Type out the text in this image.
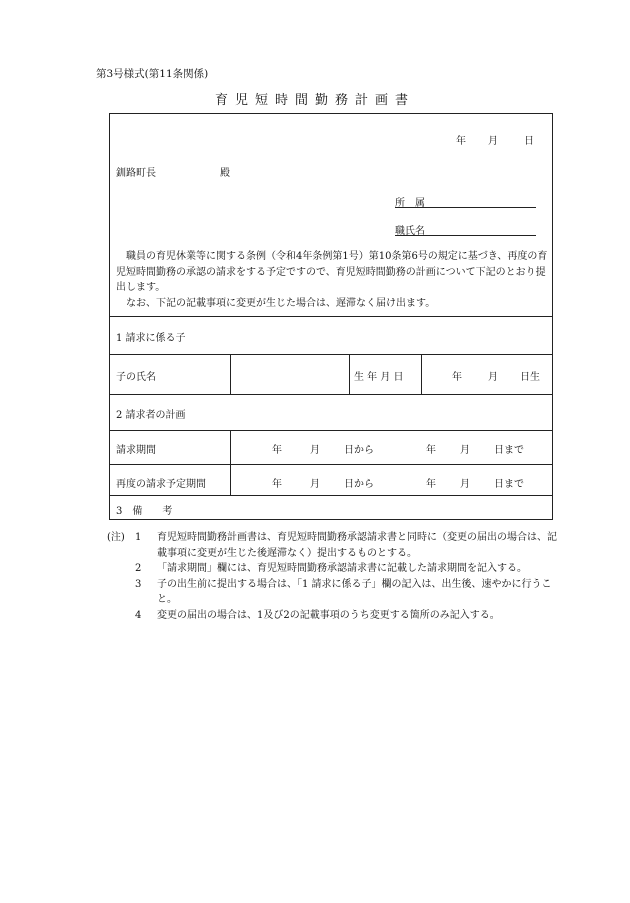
第3号様式(第11条関係)
育児短時間勤務計画書
年 月	日
釧路町長	殿
所　属
職氏名

職員の育児休業等に関する条例（令和4年条例第1号）第10条第6号の規定に基づき、再度の育児短時間勤務の承認の請求をする予定ですので、育児短時間勤務の計画について下記のとおり提出します。

なお、下記の記載事項に変更が生じた場合は、遅滞なく届け出ます。

1 請求に係る子
子の氏名	生 年 月 日	年	月 日生
2 請求者の計画
請求期間	年	月 日から	年 月 日まで
再度の請求予定期間	年	月 日から	年 月 日まで
3　備　　考
(注) 1 育児短時間勤務計画書は、育児短時間勤務承認請求書と同時に（変更の届出の場合は、記載事項に変更が生じた後遅滞なく）提出するものとする。
2 「請求期間」欄には、育児短時間勤務承認請求書に記載した請求期間を記入する。
3 子の出生前に提出する場合は、「1 請求に係る子」欄の記入は、出生後、速やかに行うこと。
4 変更の届出の場合は、1及び2の記載事項のうち変更する箇所のみ記入する。
